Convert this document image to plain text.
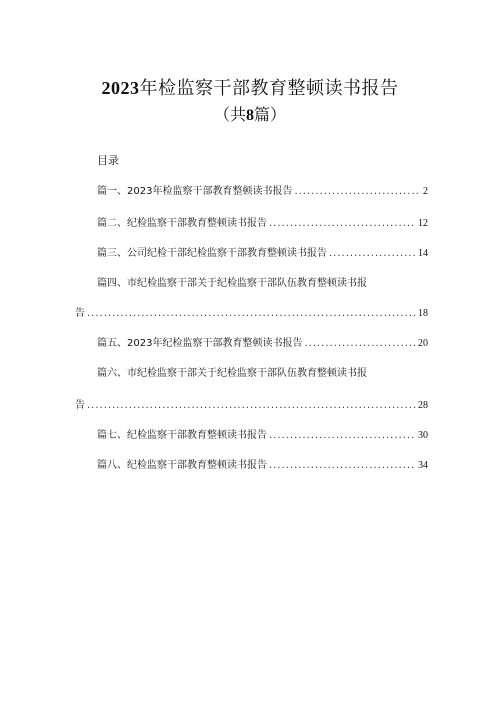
2023年检监察干部教育整顿读书报告
（共8篇）
目录
篇一、2023年检监察干部教育整顿读书报告 .....	2
篇二、纪检监察干部教育整顿读书报告 .....	12
篇三、公司纪检干部纪检监察干部教育整顿读书报告 .....	14
篇四、市纪检监察干部关于纪检监察干部队伍教育整顿读书报
告 .....	18
篇五、2023年纪检监察干部教育整顿读书报告 .....	20
篇六、市纪检监察干部关于纪检监察干部队伍教育整顿读书报
告 .....	28
篇七、纪检监察干部教育整顿读书报告 .....	30
篇八、纪检监察干部教育整顿读书报告 .....	34
